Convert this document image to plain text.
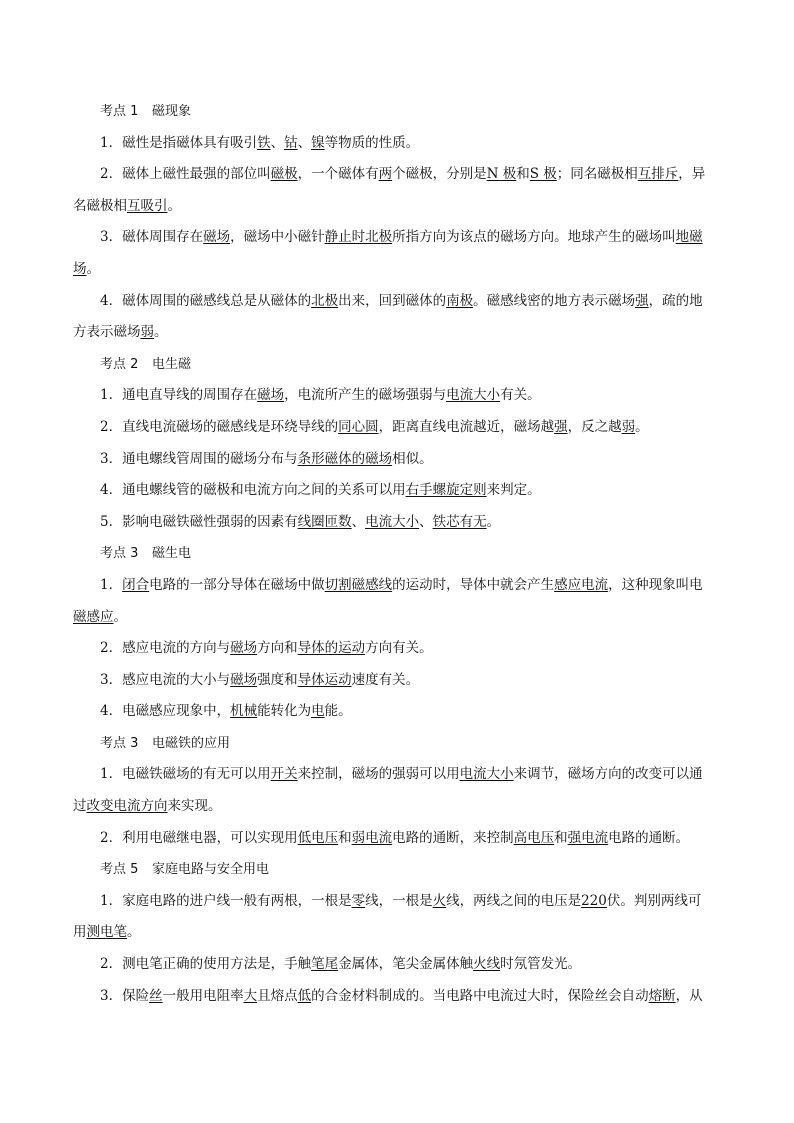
考点 1 磁现象
1．磁性是指磁体具有吸引铁、钴、镍等物质的性质。
2．磁体上磁性最强的部位叫磁极，一个磁体有两个磁极，分别是N 极和S 极；同名磁极相互排斥，异
名磁极相互吸引。
3．磁体周围存在磁场，磁场中小磁针静止时北极所指方向为该点的磁场方向。地球产生的磁场叫地磁
场。
4．磁体周围的磁感线总是从磁体的北极出来，回到磁体的南极。磁感线密的地方表示磁场强，疏的地
方表示磁场弱。
考点 2 电生磁
1．通电直导线的周围存在磁场，电流所产生的磁场强弱与电流大小有关。
2．直线电流磁场的磁感线是环绕导线的同心圆，距离直线电流越近，磁场越强，反之越弱。
3．通电螺线管周围的磁场分布与条形磁体的磁场相似。
4．通电螺线管的磁极和电流方向之间的关系可以用右手螺旋定则来判定。
5．影响电磁铁磁性强弱的因素有线圈匝数、电流大小、铁芯有无。
考点 3 磁生电
1．闭合电路的一部分导体在磁场中做切割磁感线的运动时，导体中就会产生感应电流，这种现象叫电
磁感应。
2．感应电流的方向与磁场方向和导体的运动方向有关。
3．感应电流的大小与磁场强度和导体运动速度有关。
4．电磁感应现象中，机械能转化为电能。
考点 3 电磁铁的应用
1．电磁铁磁场的有无可以用开关来控制，磁场的强弱可以用电流大小来调节，磁场方向的改变可以通
过改变电流方向来实现。
2．利用电磁继电器，可以实现用低电压和弱电流电路的通断，来控制高电压和强电流电路的通断。
考点 5 家庭电路与安全用电
1．家庭电路的进户线一般有两根，一根是零线，一根是火线，两线之间的电压是220伏。判别两线可
用测电笔。
2．测电笔正确的使用方法是，手触笔尾金属体，笔尖金属体触火线时氖管发光。
3．保险丝一般用电阻率大且熔点低的合金材料制成的。当电路中电流过大时，保险丝会自动熔断，从
